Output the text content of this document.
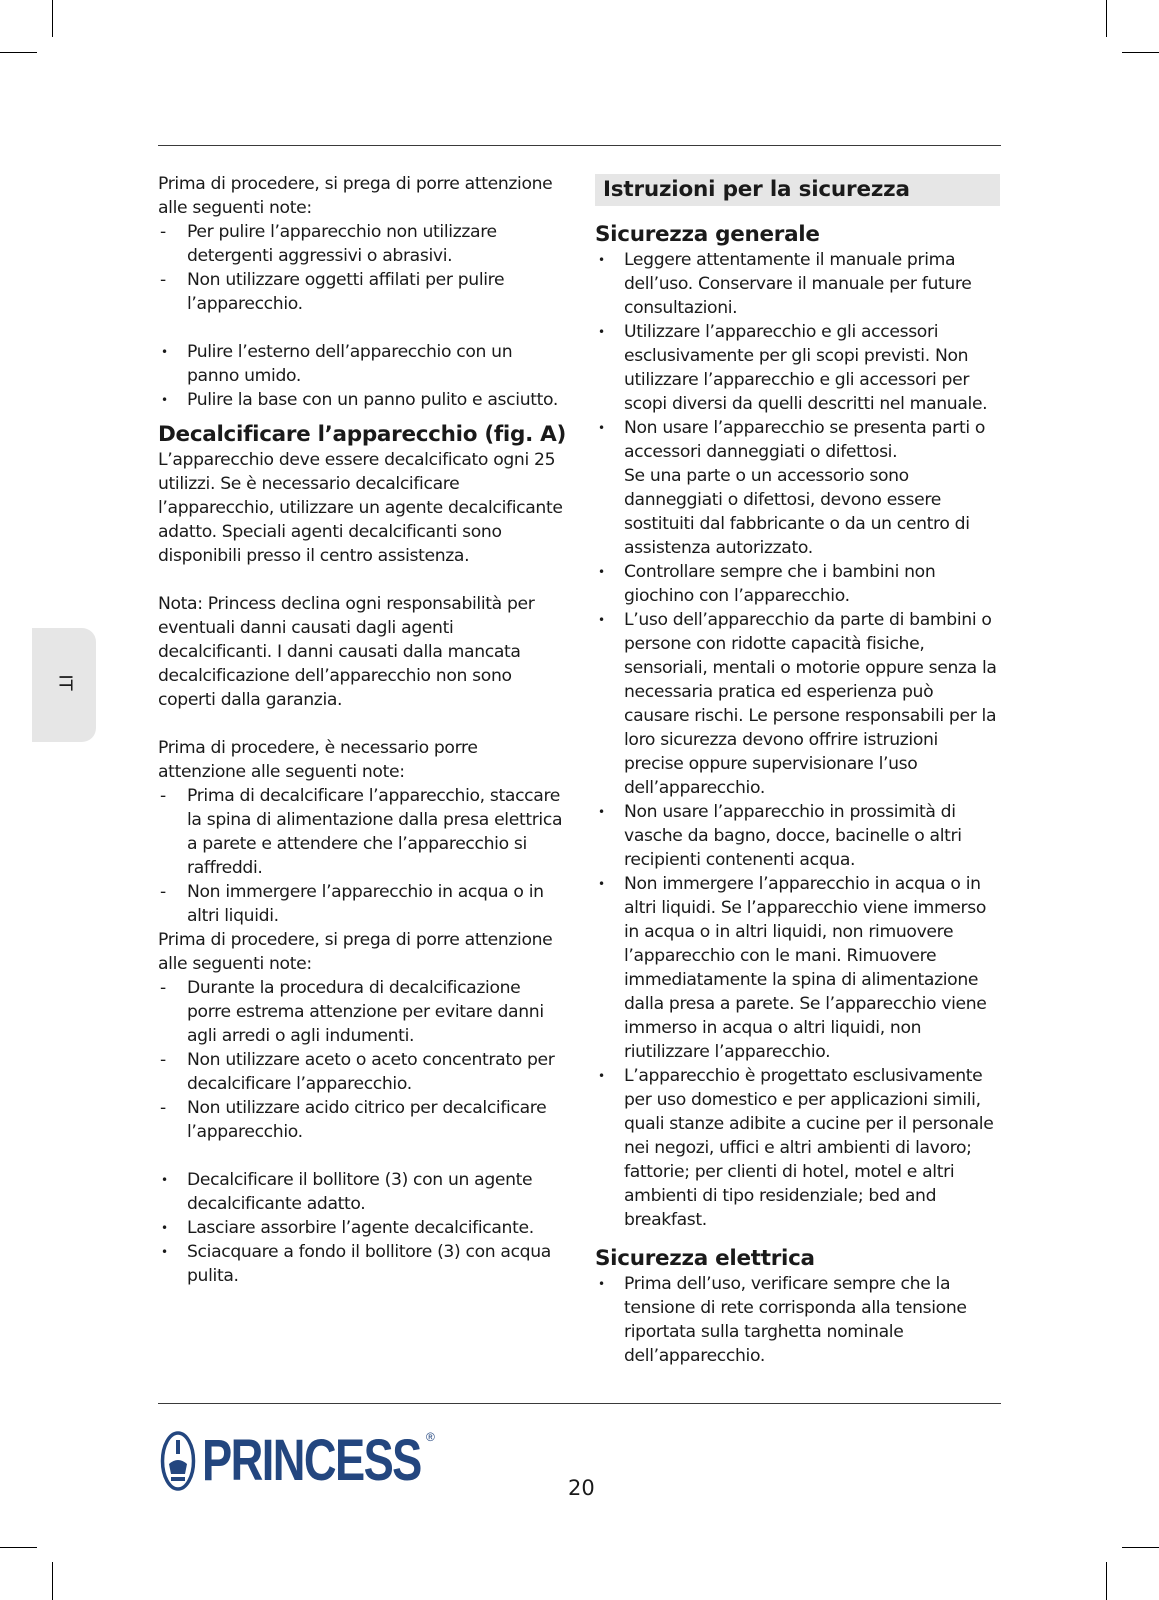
IT

Prima di procedere, si prega di porre attenzione alle seguenti note:

-	Per pulire l’apparecchio non utilizzare detergenti aggressivi o abrasivi.
-	Non utilizzare oggetti affilati per pulire l’apparecchio.
•	Pulire l’esterno dell’apparecchio con un panno umido.
•	Pulire la base con un panno pulito e asciutto.
Decalcificare l’apparecchio (fig. A)

L’apparecchio deve essere decalcificato ogni 25 utilizzi. Se è necessario decalcificare l’apparecchio, utilizzare un agente decalcificante adatto. Speciali agenti decalcificanti sono disponibili presso il centro assistenza.

Nota: Princess declina ogni responsabilità per eventuali danni causati dagli agenti decalcificanti. I danni causati dalla mancata decalcificazione dell’apparecchio non sono coperti dalla garanzia.

Prima di procedere, è necessario porre attenzione alle seguenti note:

-	Prima di decalcificare l’apparecchio, staccare la spina di alimentazione dalla presa elettrica a parete e attendere che l’apparecchio si raffreddi.
-	Non immergere l’apparecchio in acqua o in altri liquidi.

Prima di procedere, si prega di porre attenzione alle seguenti note:

-	Durante la procedura di decalcificazione porre estrema attenzione per evitare danni agli arredi o agli indumenti.
-	Non utilizzare aceto o aceto concentrato per decalcificare l’apparecchio.
-	Non utilizzare acido citrico per decalcificare l’apparecchio.
•	Decalcificare il bollitore (3) con un agente decalcificante adatto.
•	Lasciare assorbire l’agente decalcificante.
•	Sciacquare a fondo il bollitore (3) con acqua pulita.
Istruzioni per la sicurezza
Sicurezza generale
•	Leggere attentamente il manuale prima dell’uso. Conservare il manuale per future consultazioni.
•	Utilizzare l’apparecchio e gli accessori esclusivamente per gli scopi previsti. Non utilizzare l’apparecchio e gli accessori per scopi diversi da quelli descritti nel manuale.
•	Non usare l’apparecchio se presenta parti o accessori danneggiati o difettosi.
Se una parte o un accessorio sono danneggiati o difettosi, devono essere sostituiti dal fabbricante o da un centro di assistenza autorizzato.
•	Controllare sempre che i bambini non giochino con l’apparecchio.
•	L’uso dell’apparecchio da parte di bambini o persone con ridotte capacità fisiche, sensoriali, mentali o motorie oppure senza la necessaria pratica ed esperienza può causare rischi. Le persone responsabili per la loro sicurezza devono offrire istruzioni precise oppure supervisionare l’uso dell’apparecchio.
•	Non usare l’apparecchio in prossimità di vasche da bagno, docce, bacinelle o altri recipienti contenenti acqua.
•	Non immergere l’apparecchio in acqua o in altri liquidi. Se l’apparecchio viene immerso in acqua o in altri liquidi, non rimuovere l’apparecchio con le mani. Rimuovere immediatamente la spina di alimentazione dalla presa a parete. Se l’apparecchio viene immerso in acqua o altri liquidi, non riutilizzare l’apparecchio.
•	L’apparecchio è progettato esclusivamente per uso domestico e per applicazioni simili, quali stanze adibite a cucine per il personale nei negozi, uffici e altri ambienti di lavoro; fattorie; per clienti di hotel, motel e altri ambienti di tipo residenziale; bed and breakfast.
Sicurezza elettrica
•	Prima dell’uso, verificare sempre che la tensione di rete corrisponda alla tensione riportata sulla targhetta nominale dell’apparecchio.
PRINCESS ®
20
